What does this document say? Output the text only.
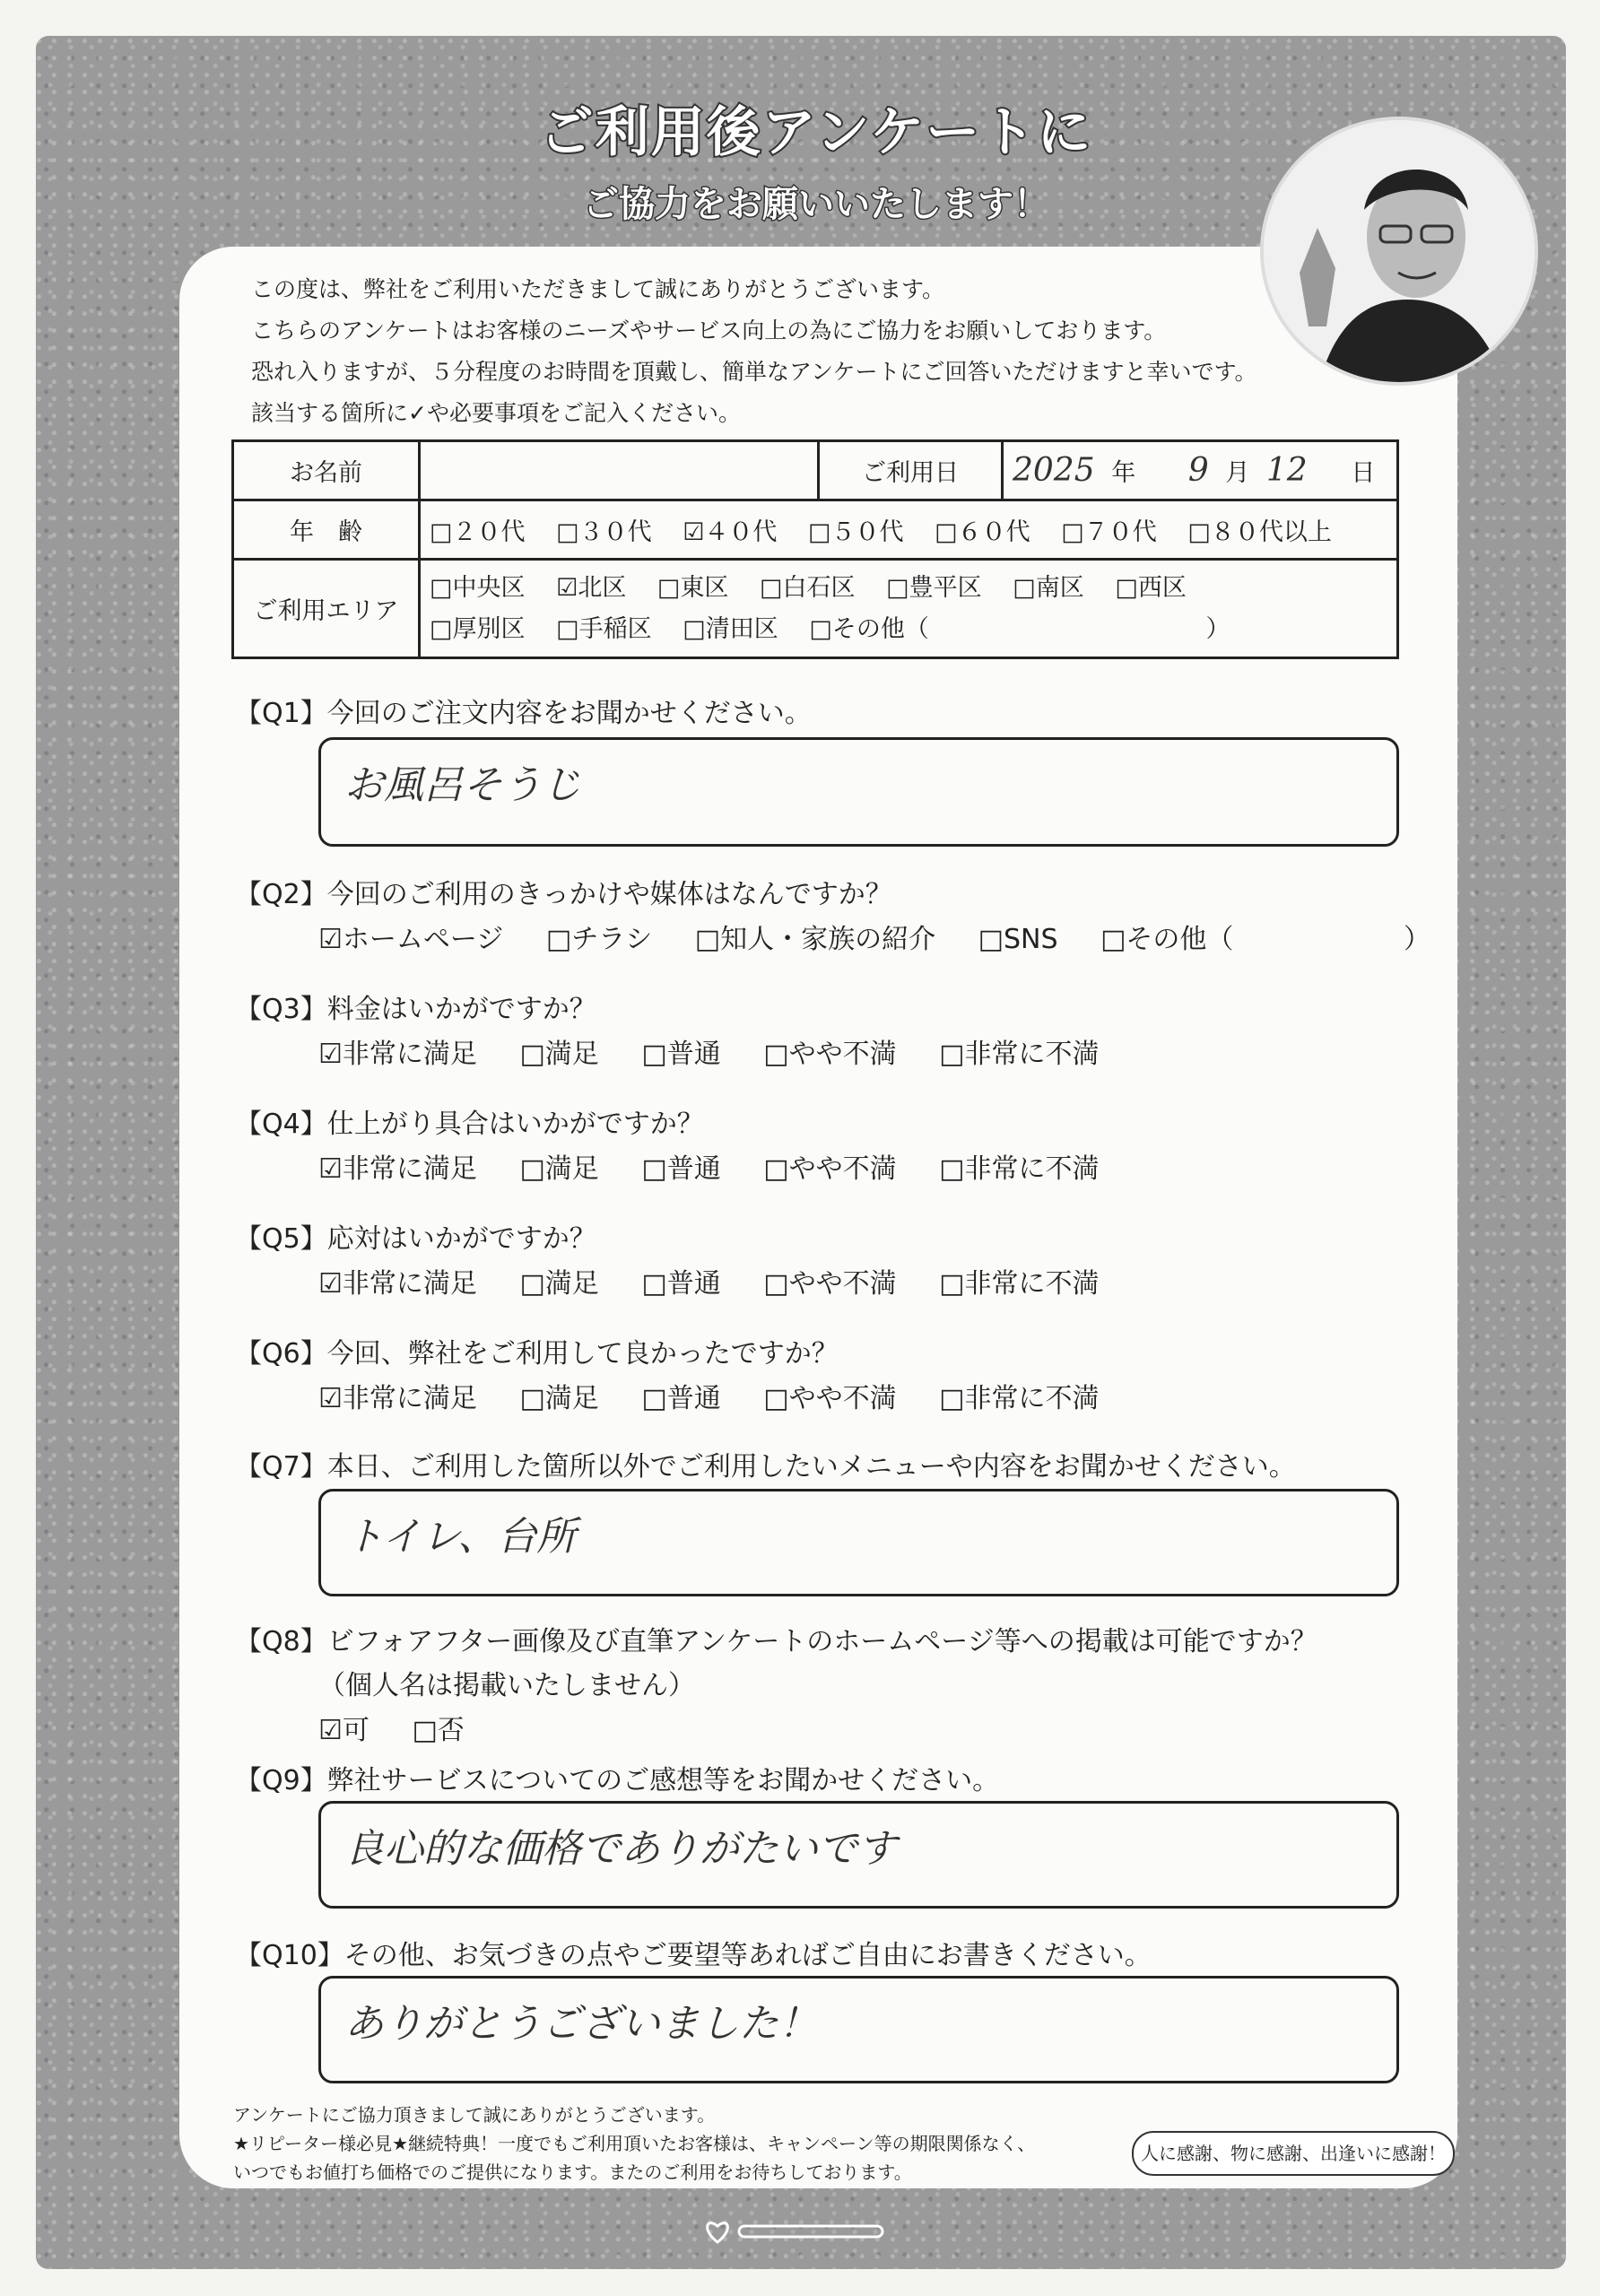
ご利用後アンケートに
ご協力をお願いいたします！
この度は、弊社をご利用いただきまして誠にありがとうございます。
こちらのアンケートはお客様のニーズやサービス向上の為にご協力をお願いしております。
恐れ入りますが、５分程度のお時間を頂戴し、簡単なアンケートにご回答いただけますと幸いです。
該当する箇所に✓や必要事項をご記入ください。
お名前		ご利用日	2025 年 9 月 12 日
年　齢	□２０代 □３０代 ☑４０代 □５０代 □６０代 □７０代 □８０代以上		
ご利用エリア	□中央区 ☑北区 □東区 □白石区 □豊平区 □南区 □西区
□厚別区 □手稲区 □清田区 □その他（ ）		
【Q1】今回のご注文内容をお聞かせください。
お風呂そうじ
【Q2】今回のご利用のきっかけや媒体はなんですか？
☑ホームページ □チラシ □知人・家族の紹介 □SNS □その他（	）
【Q3】料金はいかがですか？
☑非常に満足 □満足 □普通 □やや不満 □非常に不満
【Q4】仕上がり具合はいかがですか？
☑非常に満足 □満足 □普通 □やや不満 □非常に不満
【Q5】応対はいかがですか？
☑非常に満足 □満足 □普通 □やや不満 □非常に不満
【Q6】今回、弊社をご利用して良かったですか？
☑非常に満足 □満足 □普通 □やや不満 □非常に不満
【Q7】本日、ご利用した箇所以外でご利用したいメニューや内容をお聞かせください。
トイレ、台所
【Q8】ビフォアフター画像及び直筆アンケートのホームページ等への掲載は可能ですか？
（個人名は掲載いたしません）
☑可 □否
【Q9】弊社サービスについてのご感想等をお聞かせください。
良心的な価格でありがたいです
【Q10】その他、お気づきの点やご要望等あればご自由にお書きください。
ありがとうございました！
アンケートにご協力頂きまして誠にありがとうございます。
★リピーター様必見★継続特典！一度でもご利用頂いたお客様は、キャンペーン等の期限関係なく、
いつでもお値打ち価格でのご提供になります。またのご利用をお待ちしております。
人に感謝、物に感謝、出逢いに感謝！
